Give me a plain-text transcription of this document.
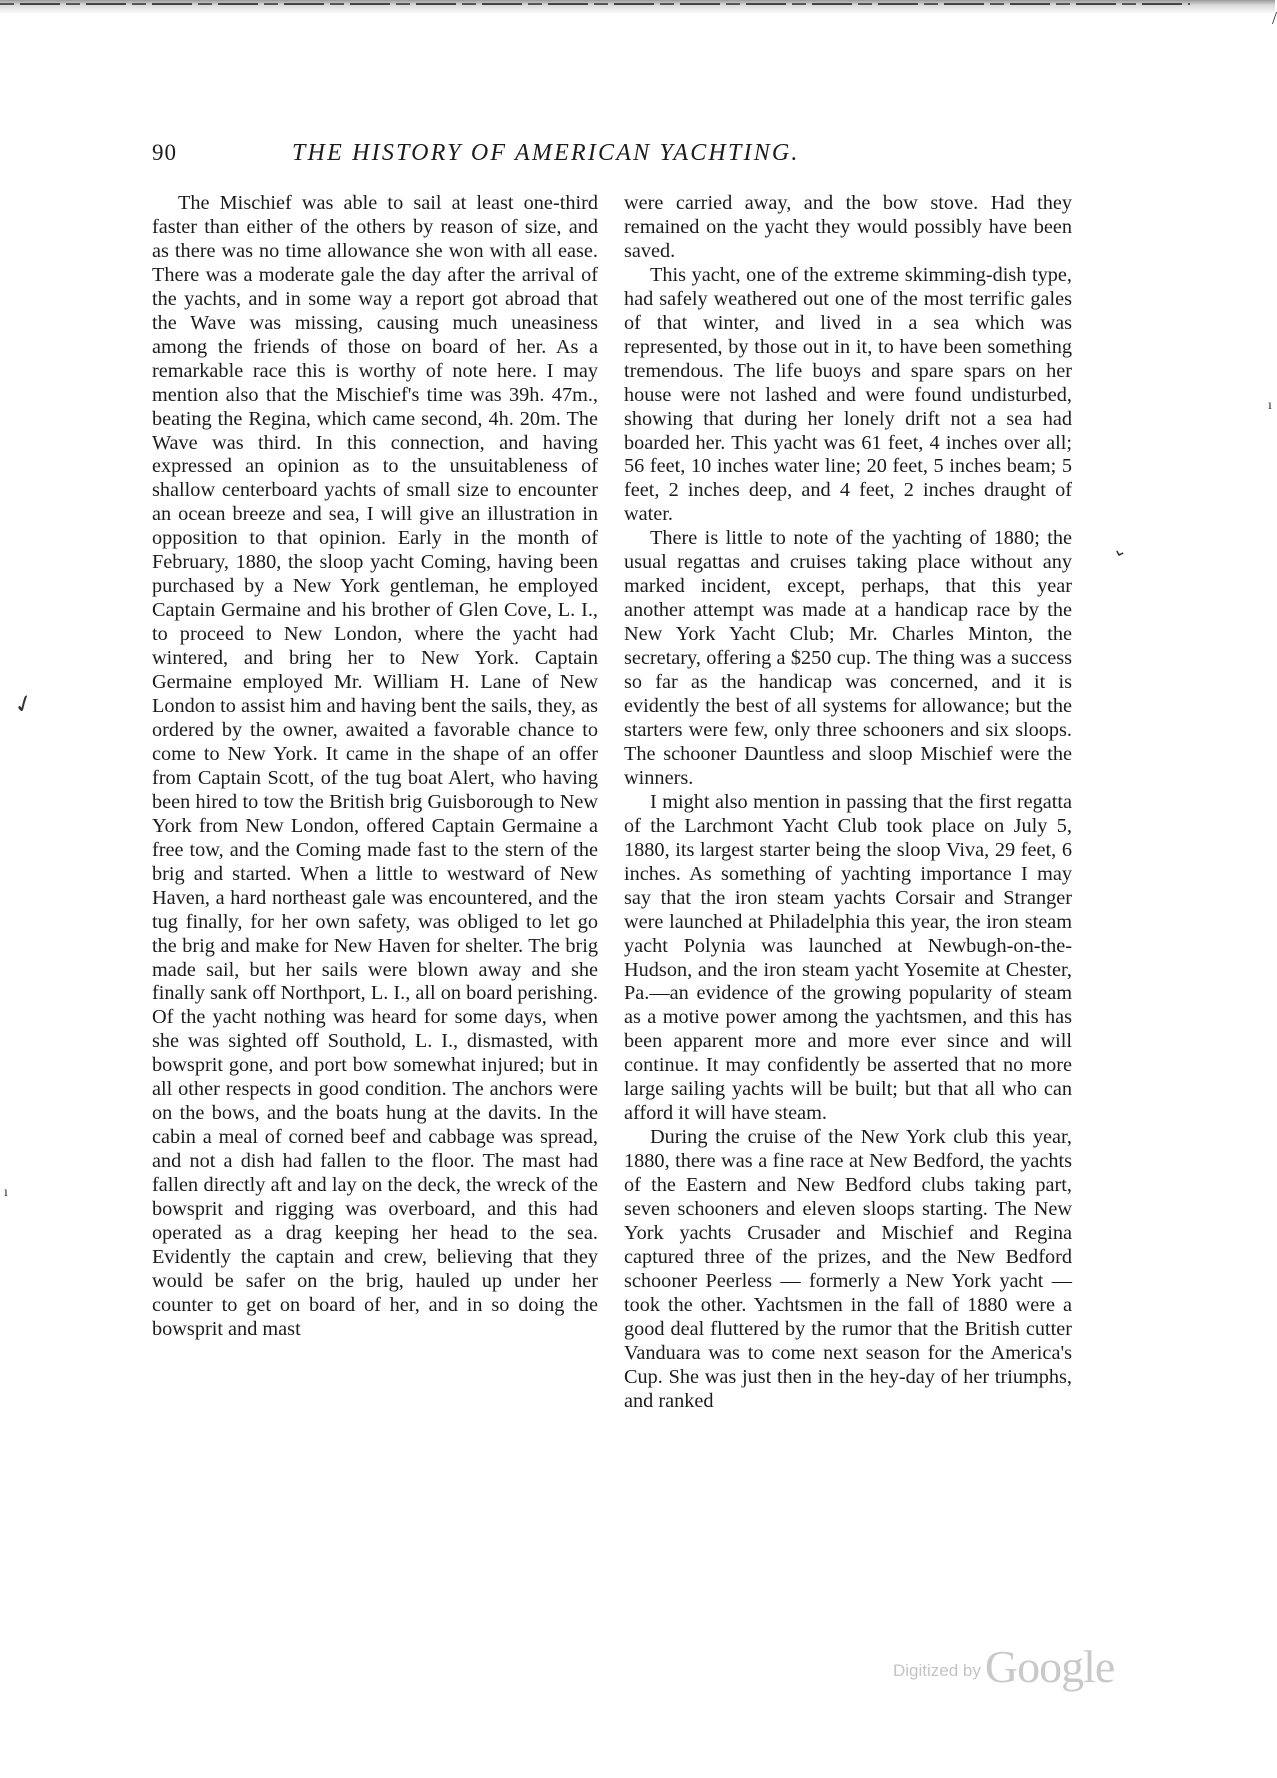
/
90	THE HISTORY OF AMERICAN YACHTING.

The Mischief was able to sail at least one-third faster than either of the others by reason of size, and as there was no time allowance she won with all ease. There was a moderate gale the day after the arrival of the yachts, and in some way a report got abroad that the Wave was missing, causing much uneasiness among the friends of those on board of her. As a remarkable race this is worthy of note here. I may mention also that the Mischief's time was 39h. 47m., beating the Regina, which came second, 4h. 20m. The Wave was third. In this connection, and having expressed an opinion as to the unsuitableness of shallow centerboard yachts of small size to encounter an ocean breeze and sea, I will give an illustration in opposition to that opinion. Early in the month of February, 1880, the sloop yacht Coming, having been purchased by a New York gentleman, he employed Captain Germaine and his brother of Glen Cove, L. I., to proceed to New London, where the yacht had wintered, and bring her to New York. Captain Germaine employed Mr. William H. Lane of New London to assist him and having bent the sails, they, as ordered by the owner, awaited a favorable chance to come to New York. It came in the shape of an offer from Captain Scott, of the tug boat Alert, who having been hired to tow the British brig Guisborough to New York from New London, offered Captain Germaine a free tow, and the Coming made fast to the stern of the brig and started. When a little to westward of New Haven, a hard northeast gale was encountered, and the tug finally, for her own safety, was obliged to let go the brig and make for New Haven for shelter. The brig made sail, but her sails were blown away and she finally sank off Northport, L. I., all on board perishing. Of the yacht nothing was heard for some days, when she was sighted off Southold, L. I., dismasted, with bowsprit gone, and port bow somewhat injured; but in all other respects in good condition. The anchors were on the bows, and the boats hung at the davits. In the cabin a meal of corned beef and cabbage was spread, and not a dish had fallen to the floor. The mast had fallen directly aft and lay on the deck, the wreck of the bowsprit and rigging was overboard, and this had operated as a drag keeping her head to the sea. Evidently the captain and crew, believing that they would be safer on the brig, hauled up under her counter to get on board of her, and in so doing the bowsprit and mast

were carried away, and the bow stove. Had they remained on the yacht they would possibly have been saved.

This yacht, one of the extreme skimming-dish type, had safely weathered out one of the most terrific gales of that winter, and lived in a sea which was represented, by those out in it, to have been something tremendous. The life buoys and spare spars on her house were not lashed and were found undisturbed, showing that during her lonely drift not a sea had boarded her. This yacht was 61 feet, 4 inches over all; 56 feet, 10 inches water line; 20 feet, 5 inches beam; 5 feet, 2 inches deep, and 4 feet, 2 inches draught of water.

There is little to note of the yachting of 1880; the usual regattas and cruises taking place without any marked incident, except, perhaps, that this year another attempt was made at a handicap race by the New York Yacht Club; Mr. Charles Minton, the secretary, offering a $250 cup. The thing was a success so far as the handicap was concerned, and it is evidently the best of all systems for allowance; but the starters were few, only three schooners and six sloops. The schooner Dauntless and sloop Mischief were the winners.

I might also mention in passing that the first regatta of the Larchmont Yacht Club took place on July 5, 1880, its largest starter being the sloop Viva, 29 feet, 6 inches. As something of yachting importance I may say that the iron steam yachts Corsair and Stranger were launched at Philadelphia this year, the iron steam yacht Polynia was launched at Newbugh-on-the-Hudson, and the iron steam yacht Yosemite at Chester, Pa.—an evidence of the growing popularity of steam as a motive power among the yachtsmen, and this has been apparent more and more ever since and will continue. It may confidently be asserted that no more large sailing yachts will be built; but that all who can afford it will have steam.

During the cruise of the New York club this year, 1880, there was a fine race at New Bedford, the yachts of the Eastern and New Bedford clubs taking part, seven schooners and eleven sloops starting. The New York yachts Crusader and Mischief and Regina captured three of the prizes, and the New Bedford schooner Peerless — formerly a New York yacht — took the other. Yachtsmen in the fall of 1880 were a good deal fluttered by the rumor that the British cutter Vanduara was to come next season for the America's Cup. She was just then in the hey-day of her triumphs, and ranked

⌄
✓
ı
ı
Digitized by Google
